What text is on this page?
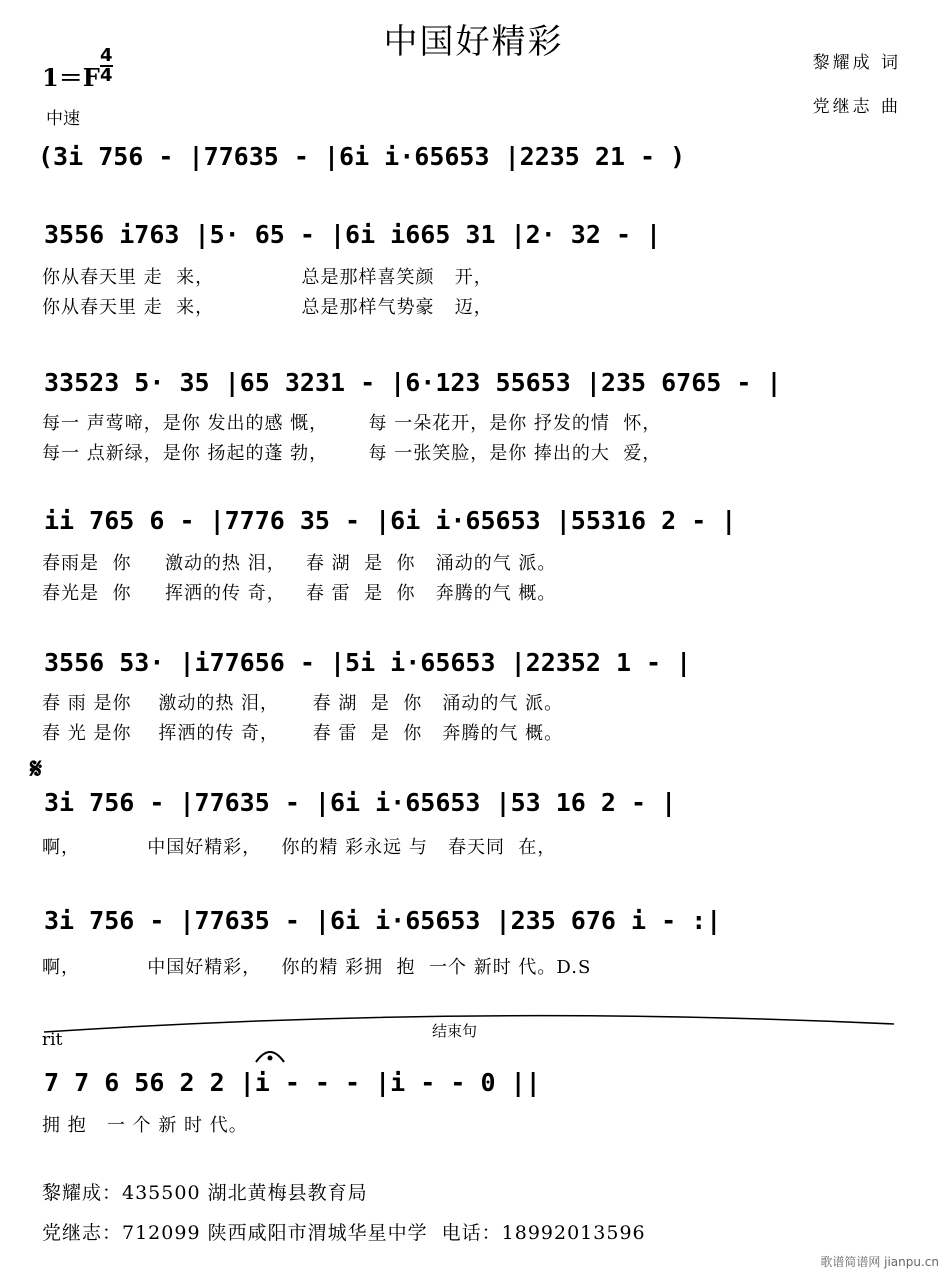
中国好精彩
黎耀成 词
党继志 曲
$1=F \frac{4}{4}$
中速
(3i 756 - |77635 - |6i i·65653 |2235 21 - )
3556 i763 |5· 65 - |6i i665 31 |2· 32 - |
你从春天里 走  来，             总是那样喜笑颜   开，
你从春天里 走  来，             总是那样气势豪   迈，
33523 5· 35 |65 3231 - |6·123 55653 |235 6765 - |
每一 声莺啼，是你 发出的感 慨，      每 一朵花开，是你 抒发的情  怀，
每一 点新绿，是你 扬起的蓬 勃，      每 一张笑脸，是你 捧出的大  爱，
ii 765 6 - |7776 35 - |6i i·65653 |55316 2 - |
春雨是  你     激动的热 泪，   春 湖  是  你   涌动的气 派。
春光是  你     挥洒的传 奇，   春 雷  是  你   奔腾的气 概。
3556 53· |i77656 - |5i i·65653 |22352 1 - |
春 雨 是你    激动的热 泪，     春 湖  是  你   涌动的气 派。
春 光 是你    挥洒的传 奇，     春 雷  是  你   奔腾的气 概。
𝄋
3i 756 - |77635 - |6i i·65653 |53 16 2 - |
啊，          中国好精彩，   你的精 彩永远 与   春天同  在，
3i 756 - |77635 - |6i i·65653 |235 676 i - :|
啊，          中国好精彩，   你的精 彩拥  抱  一个 新时 代。D.S
结束句
rit
7 7 6 56 2 2 |i - - - |i - - 0 ||
拥 抱   一 个 新 时 代。
黎耀成：435500 湖北黄梅县教育局
党继志：712099 陕西咸阳市渭城华星中学  电话：18992013596
歌谱简谱网 jianpu.cn
